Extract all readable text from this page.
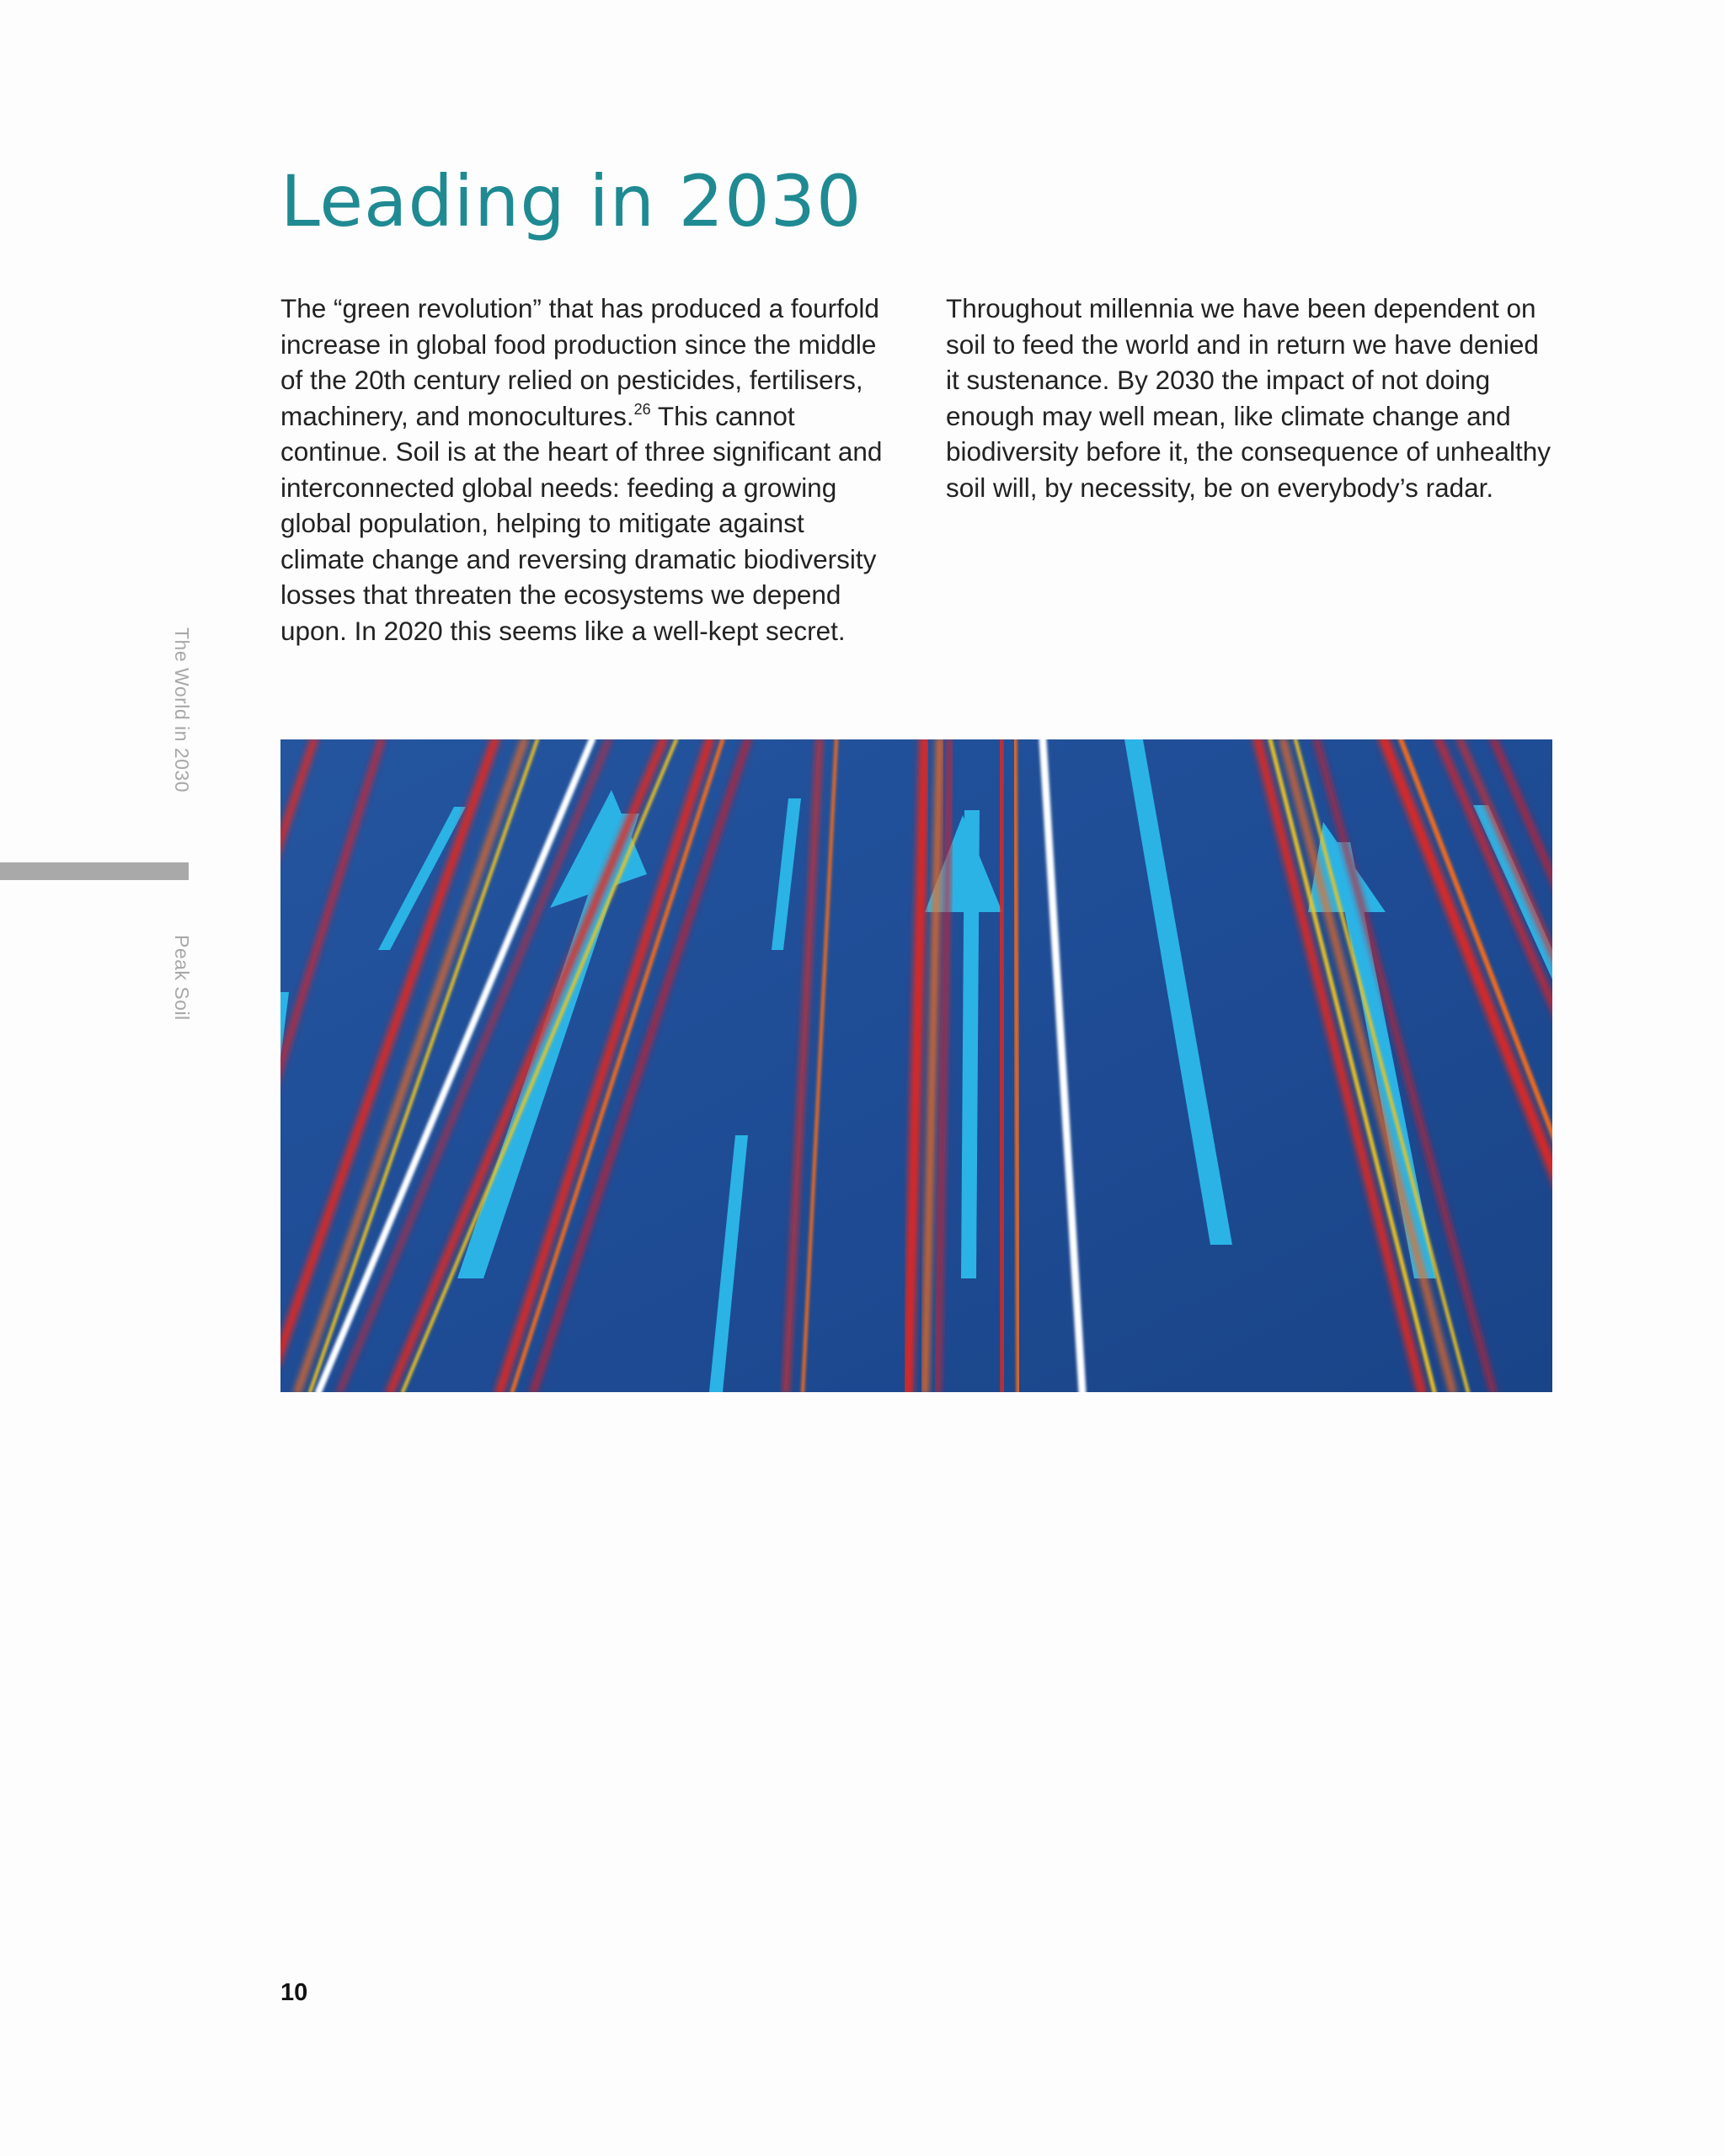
Leading in 2030

The “green revolution” that has produced a fourfold increase in global food production since the middle of the 20th century relied on pesticides, fertilisers, machinery, and monocultures.$^{26}$ This cannot continue. Soil is at the heart of three significant and interconnected global needs: feeding a growing global population, helping to mitigate against climate change and reversing dramatic biodiversity losses that threaten the ecosystems we depend upon. In 2020 this seems like a well-kept secret.

Throughout millennia we have been dependent on soil to feed the world and in return we have denied it sustenance. By 2030 the impact of not doing enough may well mean, like climate change and biodiversity before it, the consequence of unhealthy soil will, by necessity, be on everybody’s radar.

The World in 2030
Peak Soil
10
